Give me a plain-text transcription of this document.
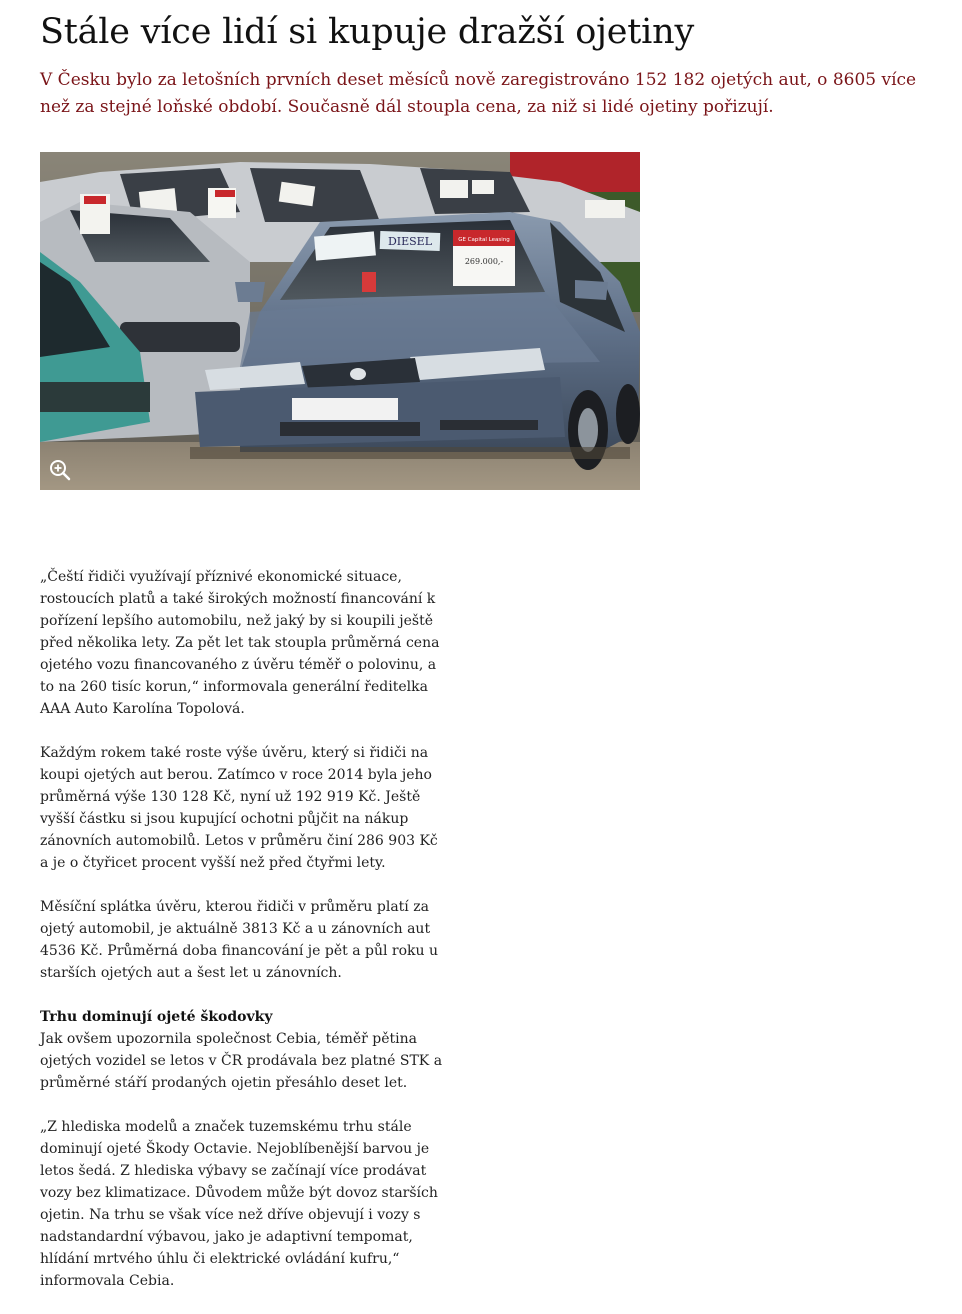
Stále více lidí si kupuje dražší ojetiny

V Česku bylo za letošních prvních deset měsíců nově zaregistrováno 152 182 ojetých aut, o 8605 více než za stejné loňské období. Současně dál stoupla cena, za niž si lidé ojetiny pořizují.

DIESEL	GE Capital Leasing
269.000,-

„Čeští řidiči využívají příznivé ekonomické situace, rostoucích platů a také širokých možností financování k pořízení lepšího automobilu, než jaký by si koupili ještě před několika lety. Za pět let tak stoupla průměrná cena ojetého vozu financovaného z úvěru téměř o polovinu, a to na 260 tisíc korun,“ informovala generální ředitelka AAA Auto Karolína Topolová.

Každým rokem také roste výše úvěru, který si řidiči na koupi ojetých aut berou. Zatímco v roce 2014 byla jeho průměrná výše 130 128 Kč, nyní už 192 919 Kč. Ještě vyšší částku si jsou kupující ochotni půjčit na nákup zánovních automobilů. Letos v průměru činí 286 903 Kč a je o čtyřicet procent vyšší než před čtyřmi lety.

Měsíční splátka úvěru, kterou řidiči v průměru platí za ojetý automobil, je aktuálně 3813 Kč a u zánovních aut 4536 Kč. Průměrná doba financování je pět a půl roku u starších ojetých aut a šest let u zánovních.

Trhu dominují ojeté škodovky

Jak ovšem upozornila společnost Cebia, téměř pětina ojetých vozidel se letos v ČR prodávala bez platné STK a průměrné stáří prodaných ojetin přesáhlo deset let.

„Z hlediska modelů a značek tuzemskému trhu stále dominují ojeté Škody Octavie. Nejoblíbenější barvou je letos šedá. Z hlediska výbavy se začínají více prodávat vozy bez klimatizace. Důvodem může být dovoz starších ojetin. Na trhu se však více než dříve objevují i vozy s nadstandardní výbavou, jako je adaptivní tempomat, hlídání mrtvého úhlu či elektrické ovládání kufru,“ informovala Cebia.
